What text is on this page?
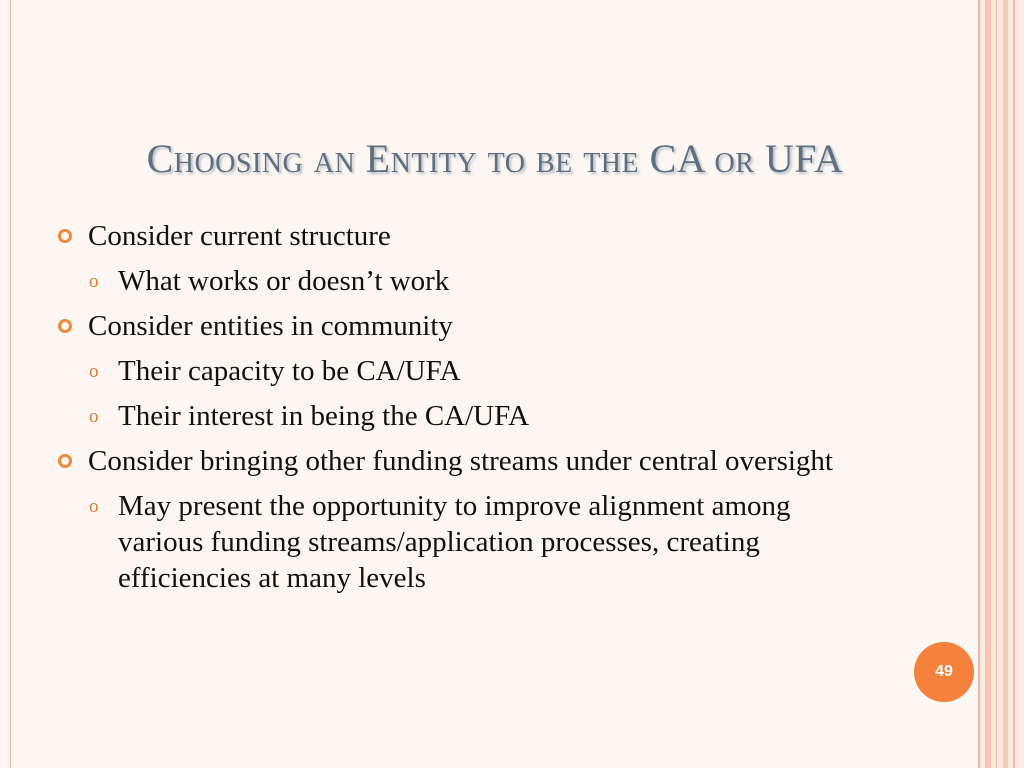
Choosing an Entity to be the CA or UFA
Consider current structure
o What works or doesn’t work
Consider entities in community
o Their capacity to be CA/UFA
o Their interest in being the CA/UFA
Consider bringing other funding streams under central oversight
o May present the opportunity to improve alignment among various funding streams/application processes, creating efficiencies at many levels
49
